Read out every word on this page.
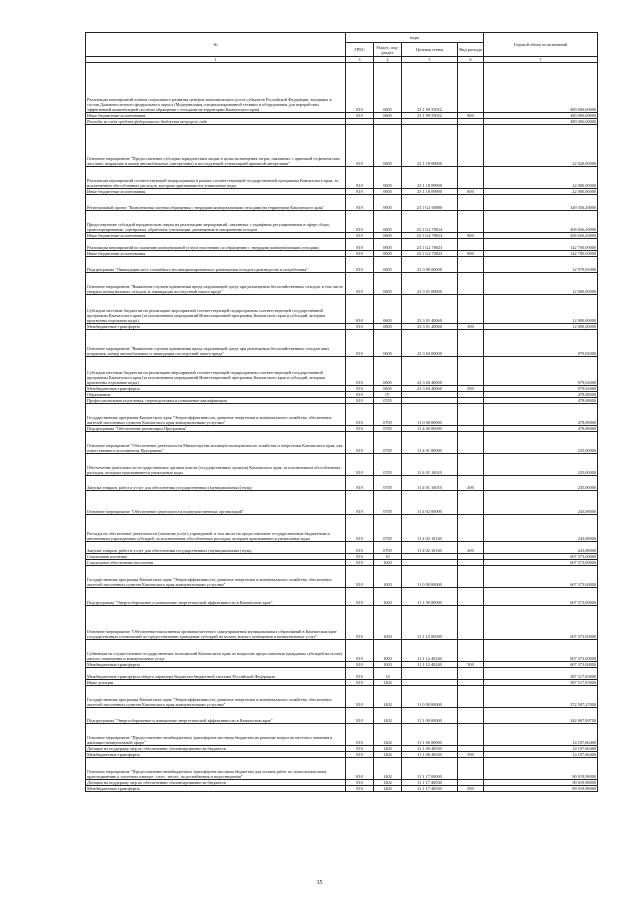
№	коды				Годовой объем ассигнований
	ГРБС	Раздел, под-раздел	Целевая статья	Вид расхода	
1	3	4	5	6	7
Реализация мероприятий планов социального развития центров экономического роста субъектов Российской Федерации, входящих в состав Дальневосточного федерального округа (Модернизация специализированной техники и оборудования для переработки эффективной компенсацией системы обращения с отходами на территории Камчатского края)	810	0605	23 1 09 55052		480 000,00000
Иные бюджетные ассигнования	810	0605	23 1 09 55052	800	480 000,00000
Расходы за счет средств федерального бюджета текущего года					480 000,00000
Основное мероприятие "Предоставление субсидии юридическим лицам в целях возмещения затрат, связанных с приемкой от физических лиц шин, покрышек и камер автомобильных (авторезины) и последующей утилизацией принятой авторезины"	810	0605	23 1 18 00000		22 020,00000
Реализация мероприятий соответствующей подпрограммы в рамках соответствующей государственной программы Камчатского края, за исключением обособленных расходов, которым присваиваются уникальные коды	810	0605	23 1 18 09990		22 000,00000
Иные бюджетные ассигнования	810	0605	23 1 18 09990	800	22 000,00000
Региональный проект "Комплексная система обращения с твердыми коммунальными отходами на территории Камчатского края"	810	0605	23 1 G2 00000		349 356,20000
Предоставление субсидий юридическим лицам на реализацию мероприятий, связанных с тарифным регулированием в сфере сбора, транспортирования, сортировки, обработки, утилизации, размещения и захоронения отходов	810	0605	23 1 G2 70014		206 656,20000
Иные бюджетные ассигнования	810	0605	23 1 G2 70014	800	206 656,20000
Реализация мероприятий по оказанию коммунальной услуги населению по обращению с твердыми коммунальными отходами	810	0605	23 1 G2 70023		142 700,00000
Иные бюджетные ассигнования	810	0605	23 1 G2 70023	800	142 700,00000
Подпрограмма "Ликвидация мест стихийного несанкционированного размещения отходов производства и потребления"	810	0605	23 3 00 00000		12 979,02000
Основное мероприятие "Выявление случаев причинения вреда окружающей среде при размещении бесхозяйственных отходов, в том числе твердых коммунальных отходов, и ликвидация последствий такого вреда"	810	0605	23 3 01 00000		12 000,00000
Субсидии местным бюджетам на реализацию мероприятий соответствующей подпрограммы соответствующей государственной программы Камчатского края (за исключением мероприятий Инвестиционной программы Камчатского края и субсидий, которым присвоены отдельные коды)	810	0605	23 3 01 40060		12 000,00000
Межбюджетные трансферты	810	0605	23 3 01 40060	500	12 000,00000
Основное мероприятие "Выявление случаев причинения вреда окружающей среде при размещении бесхозяйственных отходов шин, покрышек, камер автомобильных и ликвидация последствий такого вреда"	810	0605	23 3 04 00000		979,02000
Субсидии местным бюджетам на реализацию мероприятий соответствующей подпрограммы соответствующей государственной программы Камчатского края (за исключением мероприятий Инвестиционной программы Камчатского края и субсидий, которым присвоены отдельные коды)	810	0605	23 3 04 40060		979,02000
Межбюджетные трансферты	810	0605	23 3 04 40060	500	979,02000
Образование	810	07			478,08000
Профессиональная подготовка, переподготовка и повышение квалификации	810	0705			478,08000
Государственная программа Камчатского края "Энергоэффективность, развитие энергетики и коммунального хозяйства, обеспечение жителей населенных пунктов Камчатского края коммунальными услугами"	810	0705	11 0 00 00000		478,08000
Подпрограмма "Обеспечение реализации Программы"	810	0705	11 4 00 00000		478,08000
Основное мероприятие "Обеспечение деятельности Министерства жилищно-коммунального хозяйства и энергетики Камчатского края, как ответственного исполнителя Программы"	810	0705	11 4 01 00000		235,00000
Обеспечение деятельности государственных органов власти (государственных органов) Камчатского края, за исключением обособленных расходов, которым присваиваются уникальные коды	810	0705	11 4 01 10010		235,00000
Закупка товаров, работ и услуг для обеспечения государственных (муниципальных) нужд	810	0705	11 4 01 10010	200	235,00000
Основное мероприятие "Обеспечение деятельности подведомственных организаций"	810	0705	11 4 02 00000		243,08000
Расходы на обеспечение деятельности (оказание услуг) учреждений, в том числе на предоставление государственным бюджетным и автономным учреждениям субсидий, за исключением обособленных расходов, которым присваиваются уникальные коды	810	0705	11 4 02 10140		243,08000
Закупка товаров, работ и услуг для обеспечения государственных (муниципальных) нужд	810	0705	11 4 02 10140	200	243,08000
Социальная политика	810	10			607 373,00000
Социальное обеспечение населения	810	1003			607 373,00000
Государственная программа Камчатского края "Энергоэффективность, развитие энергетики и коммунального хозяйства, обеспечение жителей населенных пунктов Камчатского края коммунальными услугами"	810	1003	11 0 00 00000		607 373,00000
Подпрограмма "Энергосбережение и повышение энергетической эффективности в Камчатском крае"	810	1003	11 1 00 00000		607 373,00000
Основное мероприятие "Обеспечение выполнения органами местного самоуправления муниципальных образований в Камчатском крае государственных полномочий по предоставлению гражданам субсидий на оплату жилого помещения и коммунальных услуг"	810	1003	11 1 12 00000		607 373,00000
Субвенции на осуществление государственных полномочий Камчатского края по вопросам предоставления гражданам субсидий на оплату жилого помещения и коммунальных услуг	810	1003	11 1 12 40240		607 373,00000
Межбюджетные трансферты	810	1003	11 1 12 40240	500	607 373,00000
Межбюджетные трансферты общего характера бюджетам бюджетной системы Российской Федерации	810	14			387 517,83000
Иные дотации	810	1402			387 517,83000
Государственная программа Камчатского края "Энергоэффективность, развитие энергетики и коммунального хозяйства, обеспечение жителей населенных пунктов Камчатского края коммунальными услугами"	810	1402	11 0 00 00000		372 587,27000
Подпрограмма "Энергосбережение и повышение энергетической эффективности в Камчатском крае"	810	1402	11 1 00 00000		342 067,90700
Основное мероприятие "Предоставление межбюджетных трансфертов местным бюджетам на решение вопросов местного значения в жилищно-коммунальной сфере"	810	1402	11 1 06 00000		14 107,66400
Дотации на поддержку мер по обеспечению сбалансированности бюджетов	810	1402	11 1 06 40030		14 107,66400
Межбюджетные трансферты	810	1402	11 1 06 40030	500	14 107,66400
Основное мероприятие "Предоставление межбюджетных трансфертов местным бюджетам для оплаты работ по технологическому присоединению к системам электро-, газо-, тепло-, водоснабжения и водоотведения"	810	1402	11 1 17 00000		90 019,98000
Дотации на поддержку мер по обеспечению сбалансированности бюджетов	810	1402	11 1 17 40030		90 019,98000
Межбюджетные трансферты	810	1402	11 1 17 40030	500	90 019,98000
35
